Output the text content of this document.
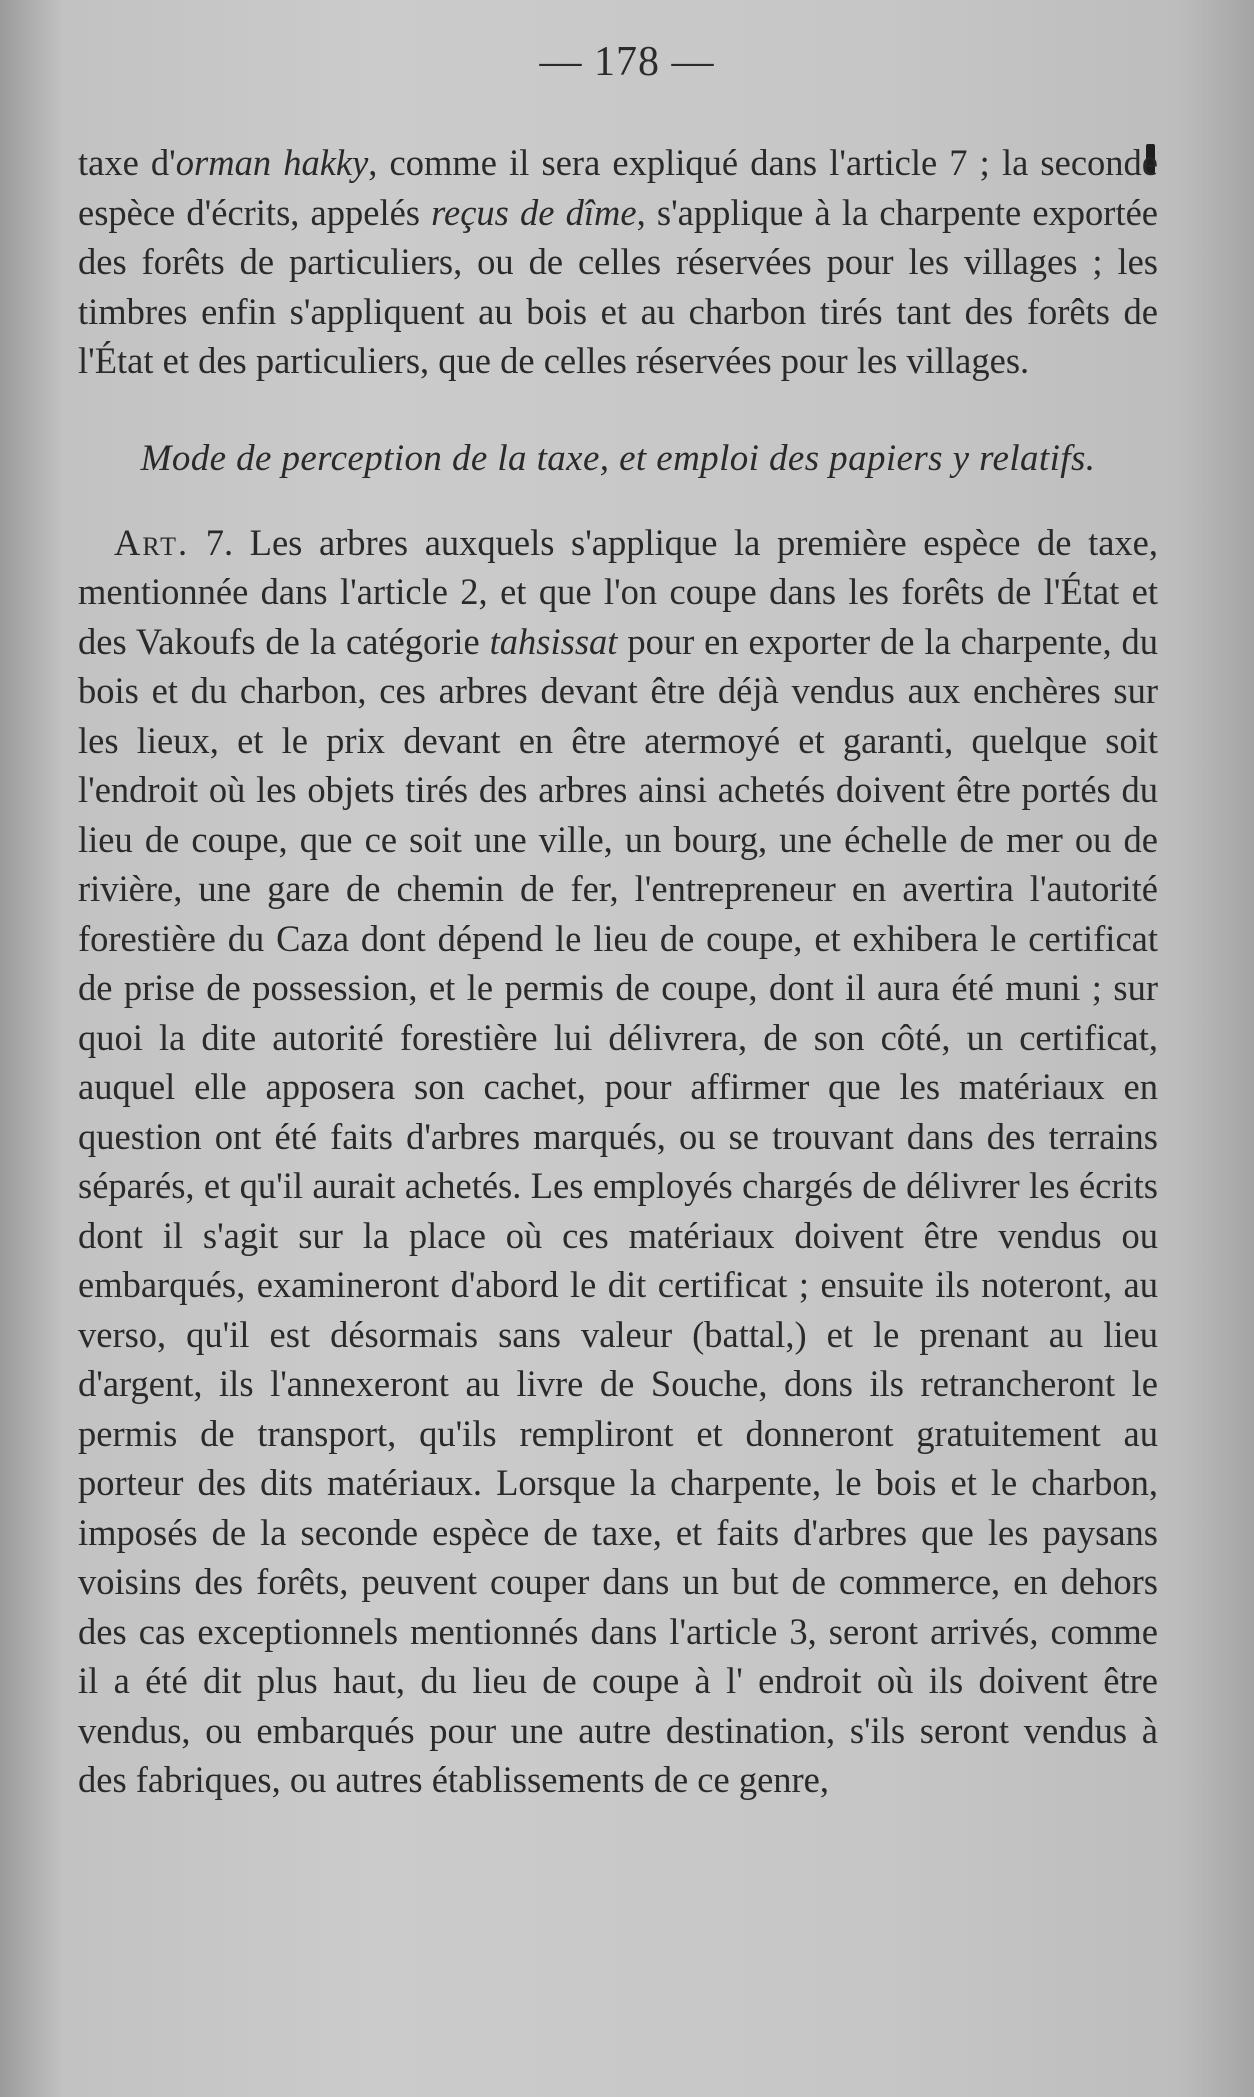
— 178 —

taxe d'orman hakky, comme il sera expliqué dans l'article 7 ; la seconde espèce d'écrits, appelés reçus de dîme, s'applique à la charpente exportée des forêts de particuliers, ou de celles réservées pour les villages ; les timbres enfin s'appliquent au bois et au charbon tirés tant des forêts de l'État et des particuliers, que de celles réservées pour les villages.

Mode de perception de la taxe, et emploi des papiers y relatifs.

Art. 7. Les arbres auxquels s'applique la première espèce de taxe, mentionnée dans l'article 2, et que l'on coupe dans les forêts de l'État et des Vakoufs de la catégorie tahsissat pour en exporter de la charpente, du bois et du charbon, ces arbres devant être déjà vendus aux enchères sur les lieux, et le prix devant en être atermoyé et garanti, quelque soit l'endroit où les objets tirés des arbres ainsi achetés doivent être portés du lieu de coupe, que ce soit une ville, un bourg, une échelle de mer ou de rivière, une gare de chemin de fer, l'entrepreneur en avertira l'autorité forestière du Caza dont dépend le lieu de coupe, et exhibera le certificat de prise de possession, et le permis de coupe, dont il aura été muni ; sur quoi la dite autorité forestière lui délivrera, de son côté, un certificat, auquel elle apposera son cachet, pour affirmer que les matériaux en question ont été faits d'arbres marqués, ou se trouvant dans des terrains séparés, et qu'il aurait achetés. Les employés chargés de délivrer les écrits dont il s'agit sur la place où ces matériaux doivent être vendus ou embarqués, examineront d'abord le dit certificat ; ensuite ils noteront, au verso, qu'il est désormais sans valeur (battal,) et le prenant au lieu d'argent, ils l'annexeront au livre de Souche, dons ils retrancheront le permis de transport, qu'ils rempliront et donneront gratuitement au porteur des dits matériaux. Lorsque la charpente, le bois et le charbon, imposés de la seconde espèce de taxe, et faits d'arbres que les paysans voisins des forêts, peuvent couper dans un but de commerce, en dehors des cas exceptionnels mentionnés dans l'article 3, seront arrivés, comme il a été dit plus haut, du lieu de coupe à l' endroit où ils doivent être vendus, ou embarqués pour une autre destination, s'ils seront vendus à des fabriques, ou autres établissements de ce genre,
